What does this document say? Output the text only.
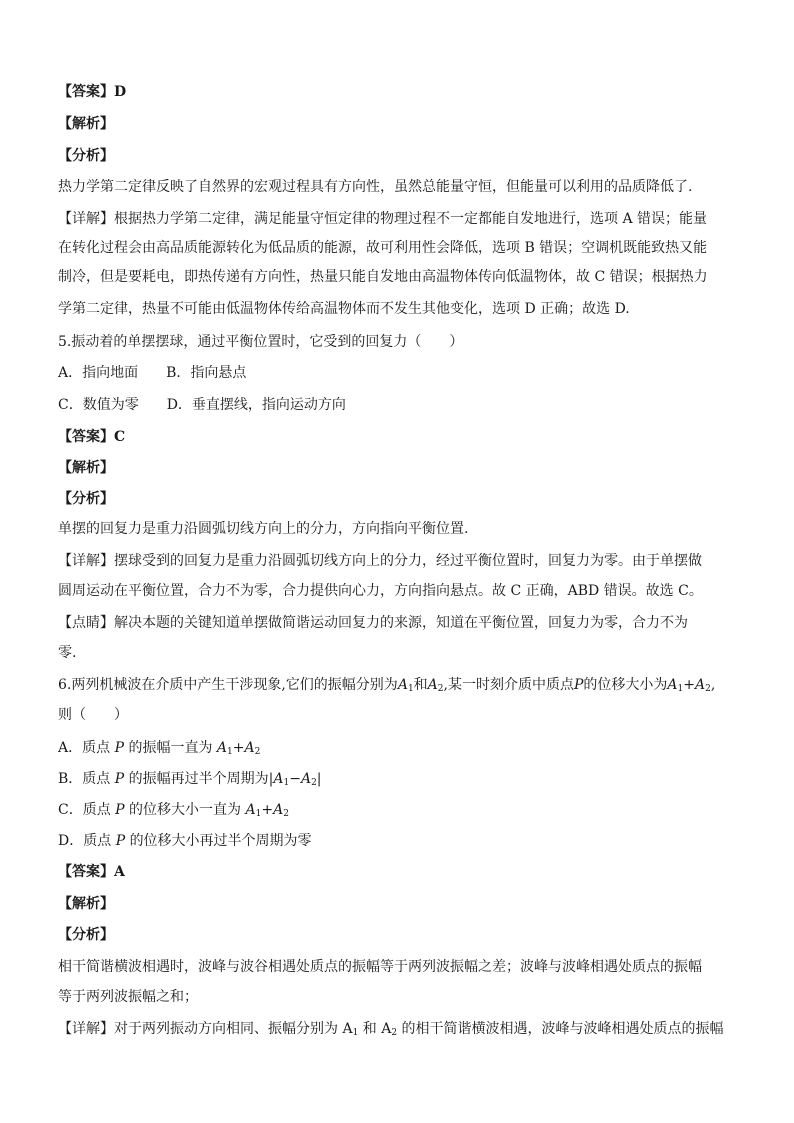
【答案】D
【解析】
【分析】
热力学第二定律反映了自然界的宏观过程具有方向性，虽然总能量守恒，但能量可以利用的品质降低了.
【详解】根据热力学第二定律，满足能量守恒定律的物理过程不一定都能自发地进行，选项 A 错误；能量
在转化过程会由高品质能源转化为低品质的能源，故可利用性会降低，选项 B 错误；空调机既能致热又能
制冷，但是要耗电，即热传递有方向性，热量只能自发地由高温物体传向低温物体，故 C 错误；根据热力
学第二定律，热量不可能由低温物体传给高温物体而不发生其他变化，选项 D 正确；故选 D.
5.振动着的单摆摆球，通过平衡位置时，它受到的回复力（　　）
A．指向地面　　B．指向悬点
C．数值为零　　D．垂直摆线，指向运动方向
【答案】C
【解析】
【分析】
单摆的回复力是重力沿圆弧切线方向上的分力，方向指向平衡位置.
【详解】摆球受到的回复力是重力沿圆弧切线方向上的分力，经过平衡位置时，回复力为零。由于单摆做
圆周运动在平衡位置，合力不为零，合力提供向心力，方向指向悬点。故 C 正确，ABD 错误。故选 C。
【点睛】解决本题的关键知道单摆做简谐运动回复力的来源，知道在平衡位置，回复力为零，合力不为
零.
6.两列机械波在介质中产生干涉现象,它们的振幅分别为$A_1$和$A_2$,某一时刻介质中质点P的位移大小为$A_1+A_2$,
则（　　）
A．质点 P 的振幅一直为 $A_1+A_2$
B．质点 P 的振幅再过半个周期为$|A_1-A_2|$
C．质点 P 的位移大小一直为 $A_1+A_2$
D．质点 P 的位移大小再过半个周期为零
【答案】A
【解析】
【分析】
相干简谐横波相遇时，波峰与波谷相遇处质点的振幅等于两列波振幅之差；波峰与波峰相遇处质点的振幅
等于两列波振幅之和；
【详解】对于两列振动方向相同、振幅分别为 $A_1$ 和 $A_2$ 的相干简谐横波相遇，波峰与波峰相遇处质点的振幅
